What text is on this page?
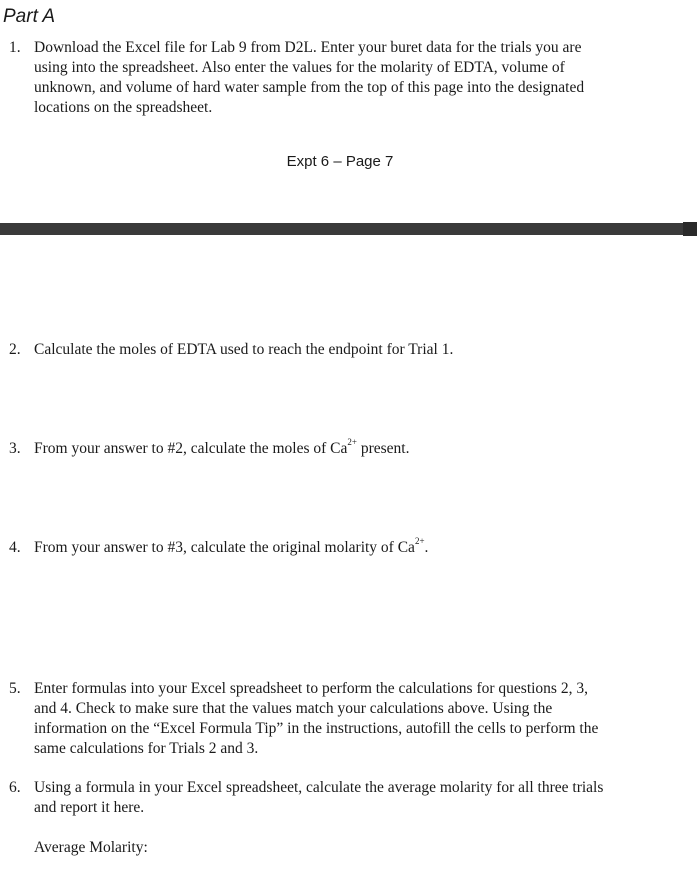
Part A
1. Download the Excel file for Lab 9 from D2L. Enter your buret data for the trials you are
using into the spreadsheet. Also enter the values for the molarity of EDTA, volume of
unknown, and volume of hard water sample from the top of this page into the designated
locations on the spreadsheet.
Expt 6 – Page 7
2. Calculate the moles of EDTA used to reach the endpoint for Trial 1.
3. From your answer to #2, calculate the moles of $Ca^{2+}$ present.
4. From your answer to #3, calculate the original molarity of $Ca^{2+}$.
5. Enter formulas into your Excel spreadsheet to perform the calculations for questions 2, 3,
and 4. Check to make sure that the values match your calculations above. Using the
information on the “Excel Formula Tip” in the instructions, autofill the cells to perform the
same calculations for Trials 2 and 3.
6. Using a formula in your Excel spreadsheet, calculate the average molarity for all three trials
and report it here.
Average Molarity:
